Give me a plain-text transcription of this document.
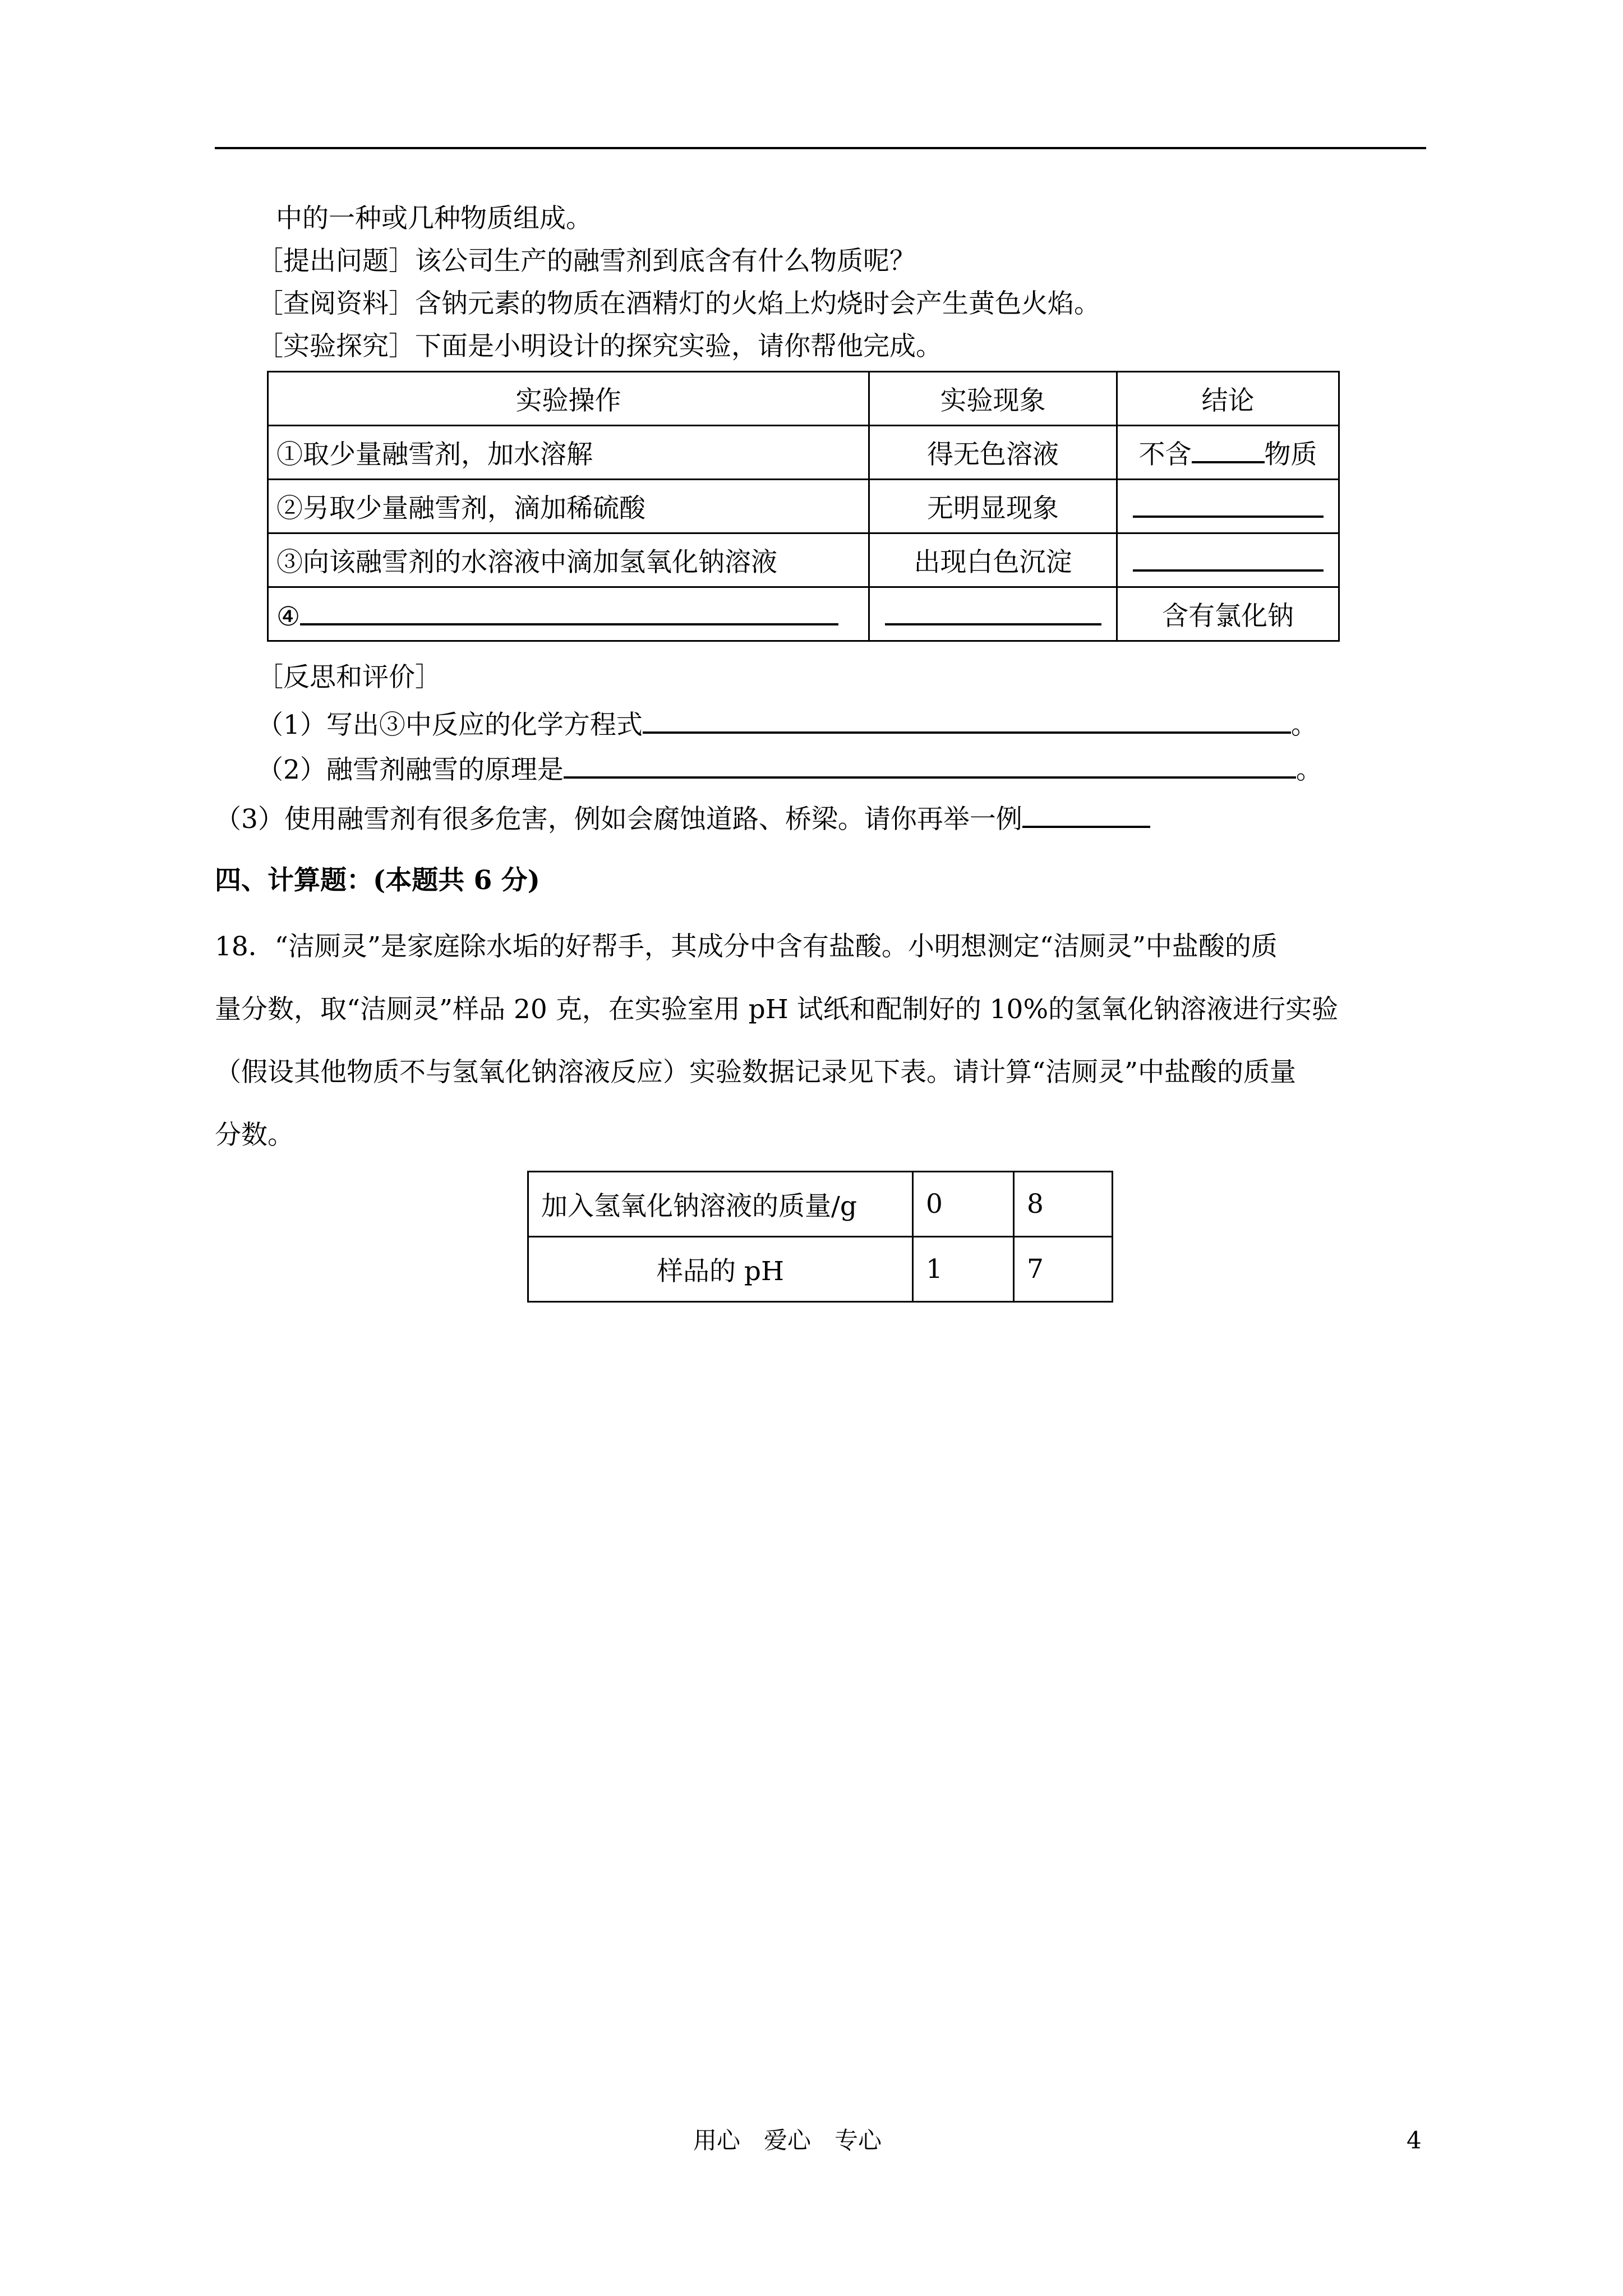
中的一种或几种物质组成。
［提出问题］该公司生产的融雪剂到底含有什么物质呢？
［查阅资料］含钠元素的物质在酒精灯的火焰上灼烧时会产生黄色火焰。
［实验探究］下面是小明设计的探究实验，请你帮他完成。
实验操作	实验现象	结论
①取少量融雪剂，加水溶解	得无色溶液	不含 物质
②另取少量融雪剂，滴加稀硫酸	无明显现象	
③向该融雪剂的水溶液中滴加氢氧化钠溶液	出现白色沉淀	
④		含有氯化钠
［反思和评价］
（1）写出③中反应的化学方程式	。
（2）融雪剂融雪的原理是	。
（3）使用融雪剂有很多危害，例如会腐蚀道路、桥梁。请你再举一例
四、计算题：(本题共 6 分)
18．“洁厕灵”是家庭除水垢的好帮手，其成分中含有盐酸。小明想测定“洁厕灵”中盐酸的质
量分数，取“洁厕灵”样品 20 克，在实验室用 pH 试纸和配制好的 10%的氢氧化钠溶液进行实验
（假设其他物质不与氢氧化钠溶液反应）实验数据记录见下表。请计算“洁厕灵”中盐酸的质量
分数。
加入氢氧化钠溶液的质量/g	0	8
样品的 pH	1	7
用心　爱心　专心	4
